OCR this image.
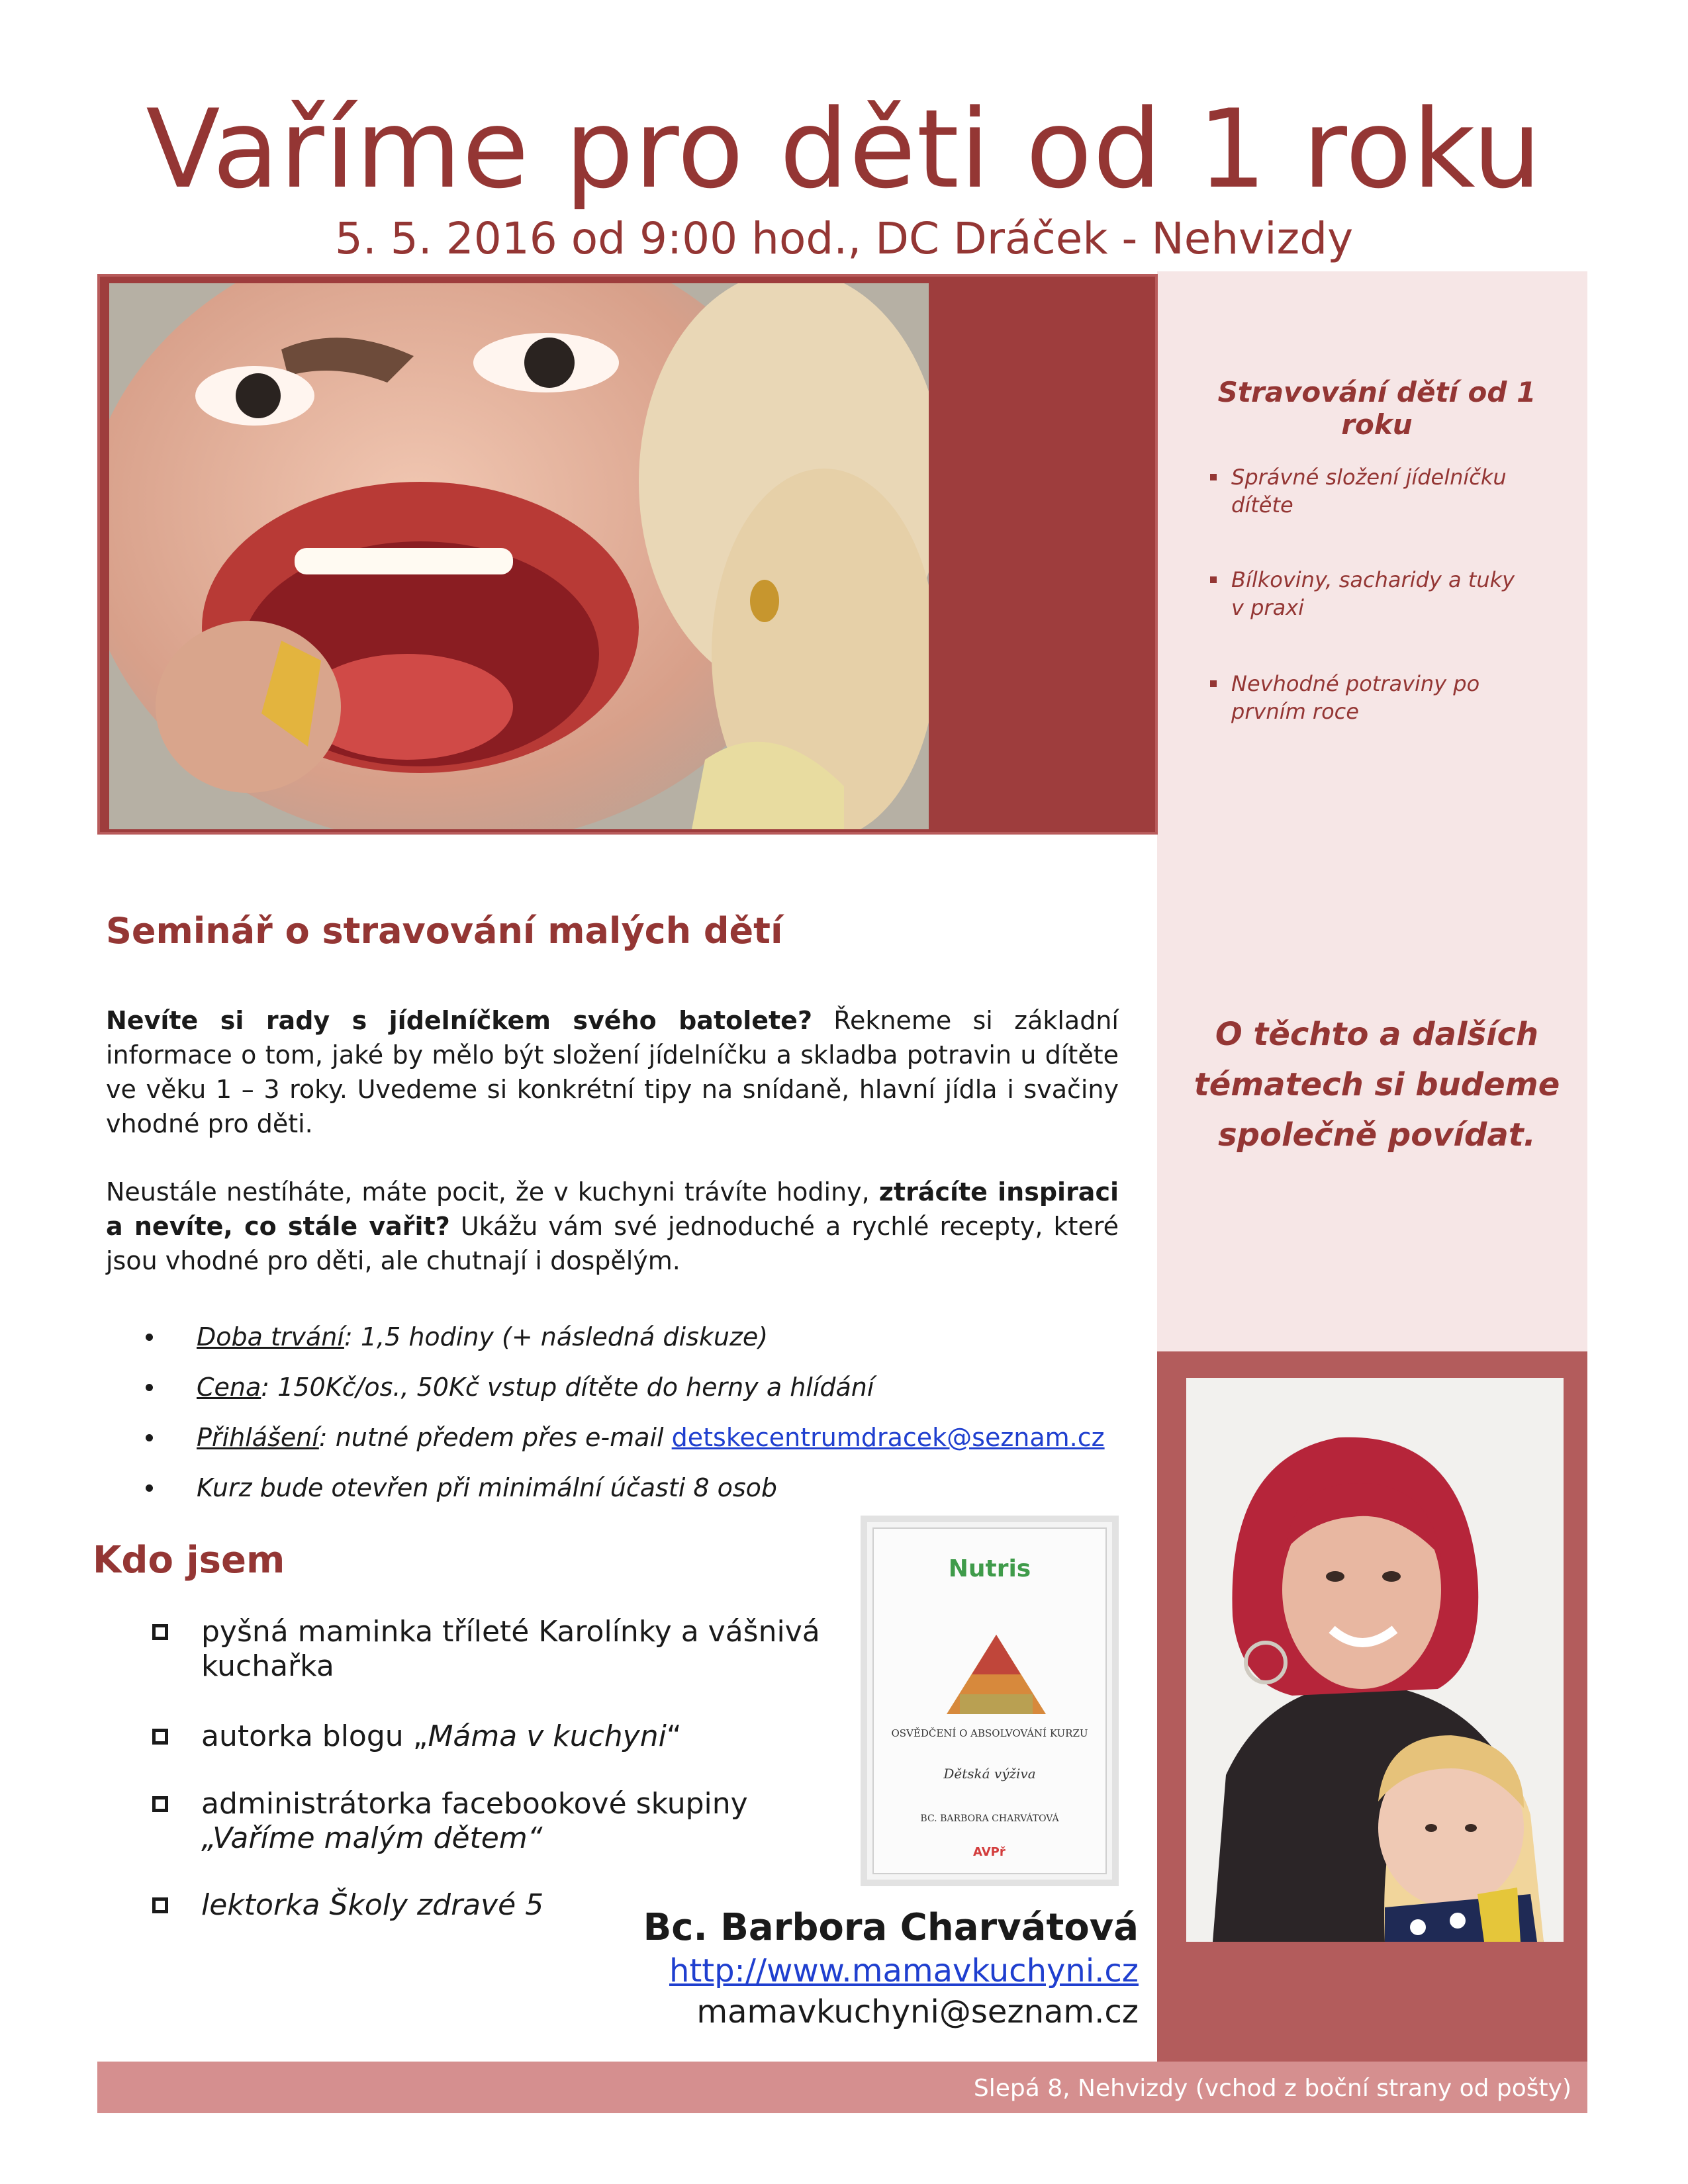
Vaříme pro děti od 1 roku
5. 5. 2016 od 9:00 hod., DC Dráček - Nehvizdy
Stravování dětí od 1 roku
Správné složení jídelníčku dítěte
Bílkoviny, sacharidy a tuky v praxi
Nevhodné potraviny po prvním roce
O těchto a dalších tématech si budeme společně povídat.
Seminář o stravování malých dětí
Nevíte si rady s jídelníčkem svého batolete? Řekneme si základní informace o tom, jaké by mělo být složení jídelníčku a skladba potravin u dítěte ve věku 1 – 3 roky. Uvedeme si konkrétní tipy na snídaně, hlavní jídla i svačiny vhodné pro děti.
Neustále nestíháte, máte pocit, že v kuchyni trávíte hodiny, ztrácíte inspiraci a nevíte, co stále vařit? Ukážu vám své jednoduché a rychlé recepty, které jsou vhodné pro děti, ale chutnají i dospělým.
Doba trvání: 1,5 hodiny (+ následná diskuze)
Cena: 150Kč/os., 50Kč vstup dítěte do herny a hlídání
Přihlášení: nutné předem přes e-mail detskecentrumdracek@seznam.cz
Kurz bude otevřen při minimální účasti 8 osob
Kdo jsem
pyšná maminka tříleté Karolínky a vášnivá kuchařka
autorka blogu „Máma v kuchyni“
administrátorka facebookové skupiny „Vaříme malým dětem“
lektorka Školy zdravé 5
Nutris
OSVĚDČENÍ O ABSOLVOVÁNÍ KURZU
Dětská výživa
BC. BARBORA CHARVÁTOVÁ
AVPř
Bc. Barbora Charvátová
http://www.mamavkuchyni.cz
mamavkuchyni@seznam.cz
Slepá 8, Nehvizdy (vchod z boční strany od pošty)
